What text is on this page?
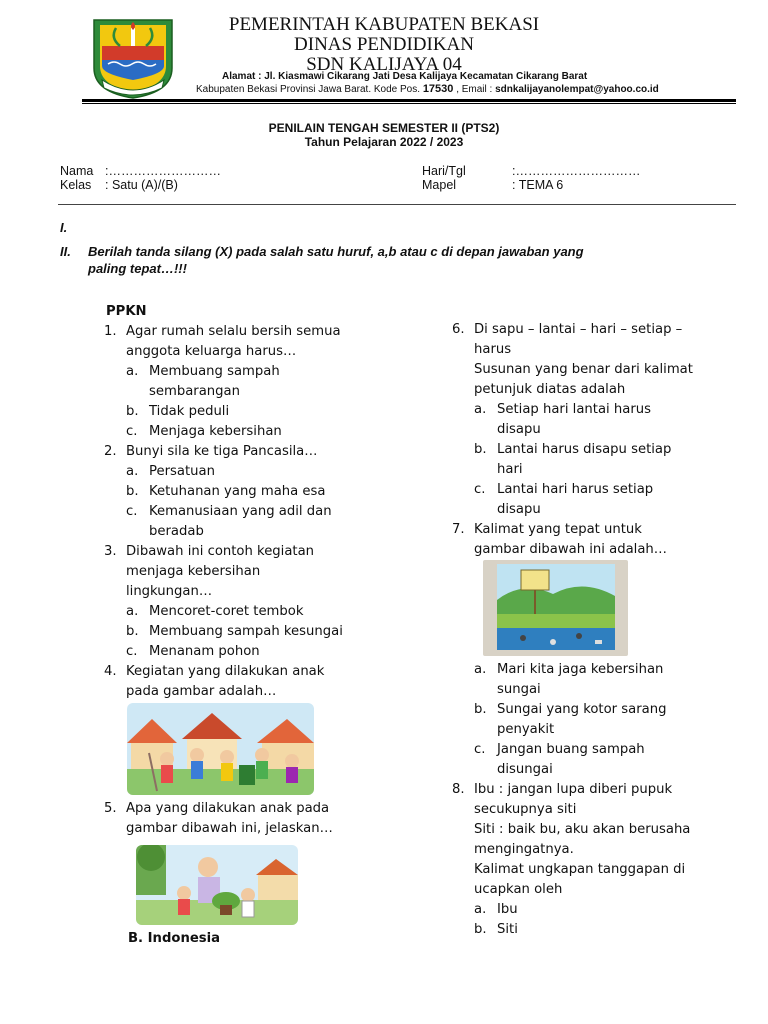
PEMERINTAH KABUPATEN BEKASI
DINAS PENDIDIKAN
SDN KALIJAYA 04
Alamat : Jl. Kiasmawi Cikarang Jati Desa Kalijaya Kecamatan Cikarang Barat
Kabupaten Bekasi Provinsi Jawa Barat. Kode Pos. 17530 , Email : sdnkalijayanolempat@yahoo.co.id
PENILAIN TENGAH SEMESTER II (PTS2)
Tahun Pelajaran 2022 / 2023
Nama :………………………
Kelas : Satu (A)/(B)
Hari/Tgl	:…………………………
Mapel	: TEMA 6
I.
II. Berilah tanda silang (X) pada salah satu huruf, a,b atau c di depan jawaban yang
paling tepat…!!!
PPKN
1. Agar rumah selalu bersih semua
anggota keluarga harus…
a. Membuang sampah
sembarangan
b. Tidak peduli
c. Menjaga kebersihan
2. Bunyi sila ke tiga Pancasila…
a. Persatuan
b. Ketuhanan yang maha esa
c. Kemanusiaan yang adil dan
beradab
3. Dibawah ini contoh kegiatan
menjaga kebersihan
lingkungan…
a. Mencoret-coret tembok
b. Membuang sampah kesungai
c. Menanam pohon
4. Kegiatan yang dilakukan anak
pada gambar adalah…
5. Apa yang dilakukan anak pada
gambar dibawah ini, jelaskan…
B. Indonesia
6. Di sapu – lantai – hari – setiap –
harus
Susunan yang benar dari kalimat
petunjuk diatas adalah
a. Setiap hari lantai harus
disapu
b. Lantai harus disapu setiap
hari
c. Lantai hari harus setiap
disapu
7. Kalimat yang tepat untuk
gambar dibawah ini adalah…
a. Mari kita jaga kebersihan
sungai
b. Sungai yang kotor sarang
penyakit
c. Jangan buang sampah
disungai
8. Ibu : jangan lupa diberi pupuk
secukupnya siti
Siti : baik bu, aku akan berusaha
mengingatnya.
Kalimat ungkapan tanggapan di
ucapkan oleh
a. Ibu
b. Siti
